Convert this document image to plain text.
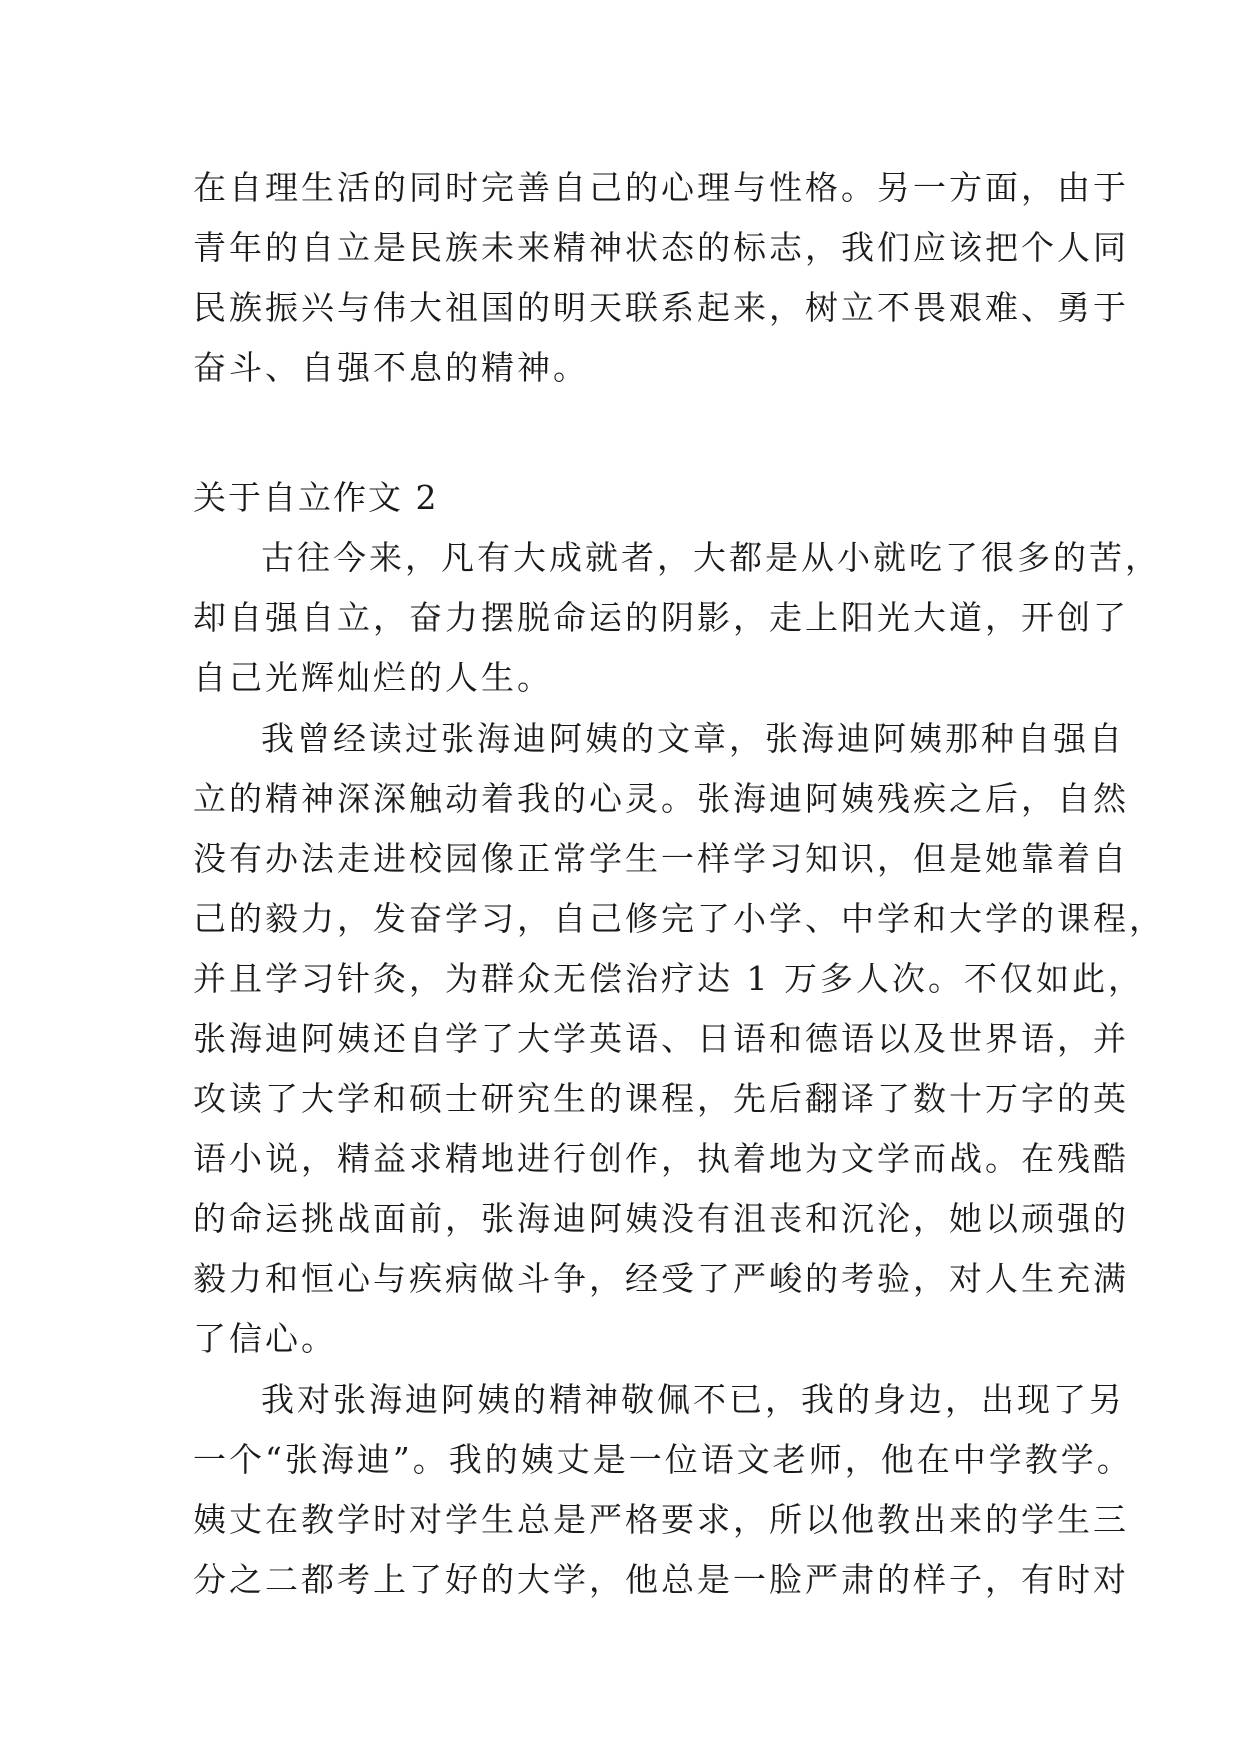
在自理生活的同时完善自己的心理与性格。另一方面，由于
青年的自立是民族未来精神状态的标志，我们应该把个人同
民族振兴与伟大祖国的明天联系起来，树立不畏艰难、勇于
奋斗、自强不息的精神。
关于自立作文 2
古往今来，凡有大成就者，大都是从小就吃了很多的苦，
却自强自立，奋力摆脱命运的阴影，走上阳光大道，开创了
自己光辉灿烂的人生。
我曾经读过张海迪阿姨的文章，张海迪阿姨那种自强自
立的精神深深触动着我的心灵。张海迪阿姨残疾之后，自然
没有办法走进校园像正常学生一样学习知识，但是她靠着自
己的毅力，发奋学习，自己修完了小学、中学和大学的课程，
并且学习针灸，为群众无偿治疗达 1 万多人次。不仅如此，
张海迪阿姨还自学了大学英语、日语和德语以及世界语，并
攻读了大学和硕士研究生的课程，先后翻译了数十万字的英
语小说，精益求精地进行创作，执着地为文学而战。在残酷
的命运挑战面前，张海迪阿姨没有沮丧和沉沦，她以顽强的
毅力和恒心与疾病做斗争，经受了严峻的考验，对人生充满
了信心。
我对张海迪阿姨的精神敬佩不已，我的身边，出现了另
一个“张海迪”。我的姨丈是一位语文老师，他在中学教学。
姨丈在教学时对学生总是严格要求，所以他教出来的学生三
分之二都考上了好的大学，他总是一脸严肃的样子，有时对
